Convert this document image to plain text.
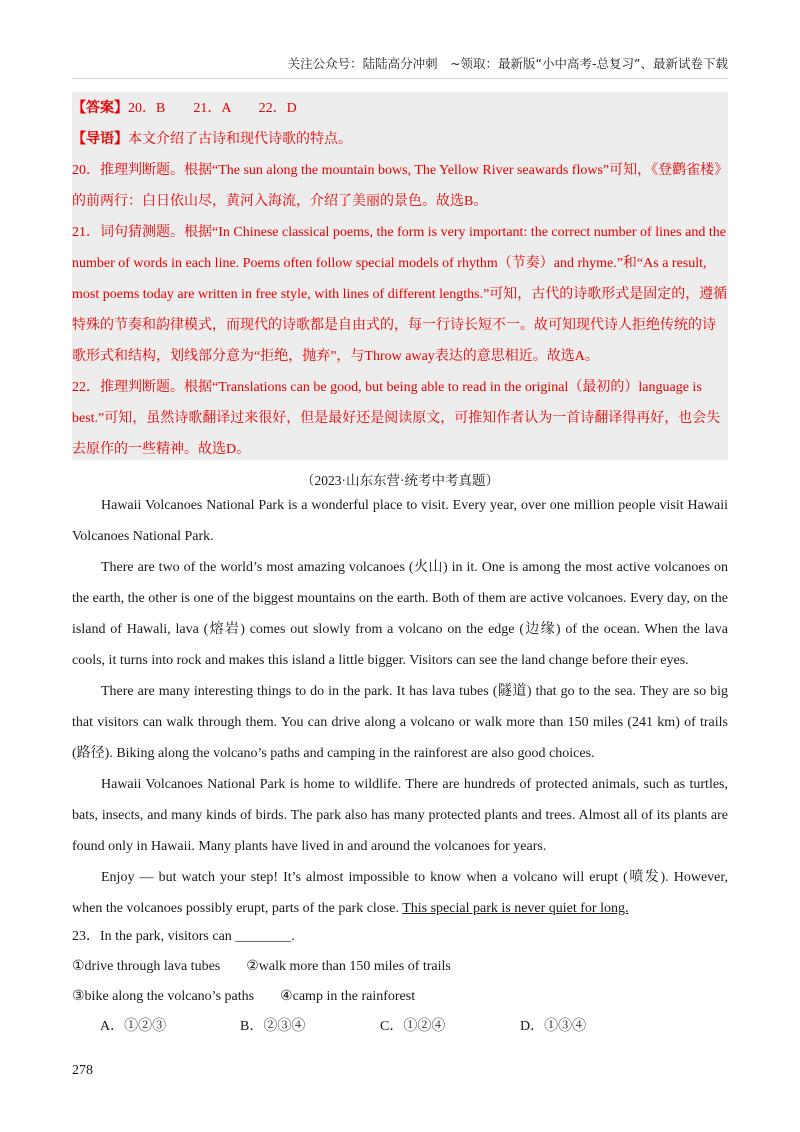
关注公众号：陆陆高分冲刺　~领取：最新版“小中高考-总复习”、最新试卷下载

【答案】20．B　　21．A　　22．D

【导语】本文介绍了古诗和现代诗歌的特点。

20．推理判断题。根据“The sun along the mountain bows, The Yellow River seawards flows”可知，《登鹳雀楼》的前两行：白日依山尽，黄河入海流，介绍了美丽的景色。故选B。

21．词句猜测题。根据“In Chinese classical poems, the form is very important: the correct number of lines and the number of words in each line. Poems often follow special models of rhythm（节奏）and rhyme.”和“As a result, most poems today are written in free style, with lines of different lengths.”可知，古代的诗歌形式是固定的，遵循特殊的节奏和韵律模式，而现代的诗歌都是自由式的，每一行诗长短不一。故可知现代诗人拒绝传统的诗歌形式和结构，划线部分意为“拒绝，抛弃”，与Throw away表达的意思相近。故选A。

22．推理判断题。根据“Translations can be good, but being able to read in the original（最初的）language is best.”可知，虽然诗歌翻译过来很好，但是最好还是阅读原文，可推知作者认为一首诗翻译得再好，也会失去原作的一些精神。故选D。

（2023·山东东营·统考中考真题）

Hawaii Volcanoes National Park is a wonderful place to visit. Every year, over one million people visit Hawaii Volcanoes National Park.

There are two of the world’s most amazing volcanoes (火山) in it. One is among the most active volcanoes on the earth, the other is one of the biggest mountains on the earth. Both of them are active volcanoes. Every day, on the island of Hawali, lava (熔岩) comes out slowly from a volcano on the edge (边缘) of the ocean. When the lava cools, it turns into rock and makes this island a little bigger. Visitors can see the land change before their eyes.

There are many interesting things to do in the park. It has lava tubes (隧道) that go to the sea. They are so big that visitors can walk through them. You can drive along a volcano or walk more than 150 miles (241 km) of trails (路径). Biking along the volcano’s paths and camping in the rainforest are also good choices.

Hawaii Volcanoes National Park is home to wildlife. There are hundreds of protected animals, such as turtles, bats, insects, and many kinds of birds. The park also has many protected plants and trees. Almost all of its plants are found only in Hawaii. Many plants have lived in and around the volcanoes for years.

Enjoy — but watch your step! It’s almost impossible to know when a volcano will erupt (喷发). However, when the volcanoes possibly erupt, parts of the park close. This special park is never quiet for long.

23．In the park, visitors can ________.

①drive through lava tubes ②walk more than 150 miles of trails

③bike along the volcano’s paths ④camp in the rainforest

A．①②③	B．②③④	C．①②④	D．①③④

278
